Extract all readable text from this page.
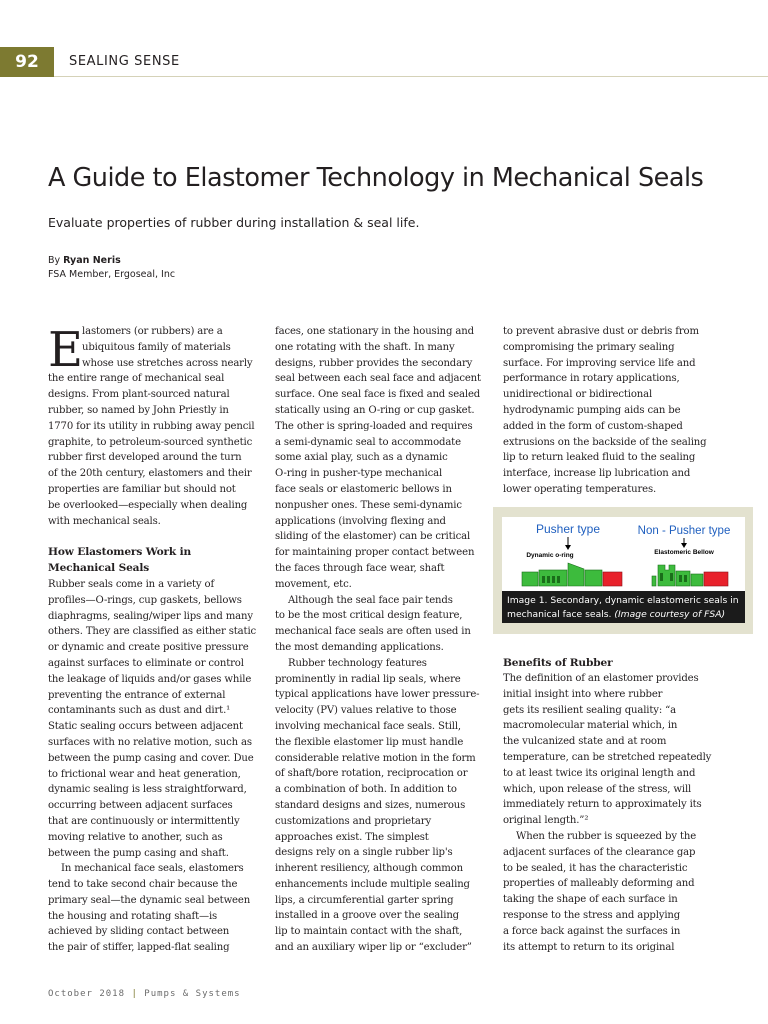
92	SEALING SENSE
A Guide to Elastomer Technology in Mechanical Seals

Evaluate properties of rubber during installation & seal life.

By Ryan Neris
FSA Member, Ergoseal, Inc
E lastomers (or rubbers) are a
ubiquitous family of materials
whose use stretches across nearly
the entire range of mechanical seal
designs. From plant-sourced natural
rubber, so named by John Priestly in
1770 for its utility in rubbing away pencil
graphite, to petroleum-sourced synthetic
rubber first developed around the turn
of the 20th century, elastomers and their
properties are familiar but should not
be overlooked—especially when dealing
with mechanical seals.
How Elastomers Work in
Mechanical Seals
Rubber seals come in a variety of
profiles—O-rings, cup gaskets, bellows
diaphragms, sealing/wiper lips and many
others. They are classified as either static
or dynamic and create positive pressure
against surfaces to eliminate or control
the leakage of liquids and/or gases while
preventing the entrance of external
contaminants such as dust and dirt.¹
Static sealing occurs between adjacent
surfaces with no relative motion, such as
between the pump casing and cover. Due
to frictional wear and heat generation,
dynamic sealing is less straightforward,
occurring between adjacent surfaces
that are continuously or intermittently
moving relative to another, such as
between the pump casing and shaft.
In mechanical face seals, elastomers
tend to take second chair because the
primary seal—the dynamic seal between
the housing and rotating shaft—is
achieved by sliding contact between
the pair of stiffer, lapped-flat sealing
faces, one stationary in the housing and
one rotating with the shaft. In many
designs, rubber provides the secondary
seal between each seal face and adjacent
surface. One seal face is fixed and sealed
statically using an O-ring or cup gasket.
The other is spring-loaded and requires
a semi-dynamic seal to accommodate
some axial play, such as a dynamic
O-ring in pusher-type mechanical
face seals or elastomeric bellows in
nonpusher ones. These semi-dynamic
applications (involving flexing and
sliding of the elastomer) can be critical
for maintaining proper contact between
the faces through face wear, shaft
movement, etc.
Although the seal face pair tends
to be the most critical design feature,
mechanical face seals are often used in
the most demanding applications.
Rubber technology features
prominently in radial lip seals, where
typical applications have lower pressure-
velocity (PV) values relative to those
involving mechanical face seals. Still,
the flexible elastomer lip must handle
considerable relative motion in the form
of shaft/bore rotation, reciprocation or
a combination of both. In addition to
standard designs and sizes, numerous
customizations and proprietary
approaches exist. The simplest
designs rely on a single rubber lip's
inherent resiliency, although common
enhancements include multiple sealing
lips, a circumferential garter spring
installed in a groove over the sealing
lip to maintain contact with the shaft,
and an auxiliary wiper lip or “excluder”
to prevent abrasive dust or debris from
compromising the primary sealing
surface. For improving service life and
performance in rotary applications,
unidirectional or bidirectional
hydrodynamic pumping aids can be
added in the form of custom-shaped
extrusions on the backside of the sealing
lip to return leaked fluid to the sealing
interface, increase lip lubrication and
lower operating temperatures.
Pusher type	Non - Pusher type
Dynamic o-ring	Elastomeric Bellow
Image 1. Secondary, dynamic elastomeric seals in mechanical face seals. (Image courtesy of FSA)
Benefits of Rubber
The definition of an elastomer provides
initial insight into where rubber
gets its resilient sealing quality: “a
macromolecular material which, in
the vulcanized state and at room
temperature, can be stretched repeatedly
to at least twice its original length and
which, upon release of the stress, will
immediately return to approximately its
original length.”²
When the rubber is squeezed by the
adjacent surfaces of the clearance gap
to be sealed, it has the characteristic
properties of malleably deforming and
taking the shape of each surface in
response to the stress and applying
a force back against the surfaces in
its attempt to return to its original
October 2018 | Pumps & Systems
